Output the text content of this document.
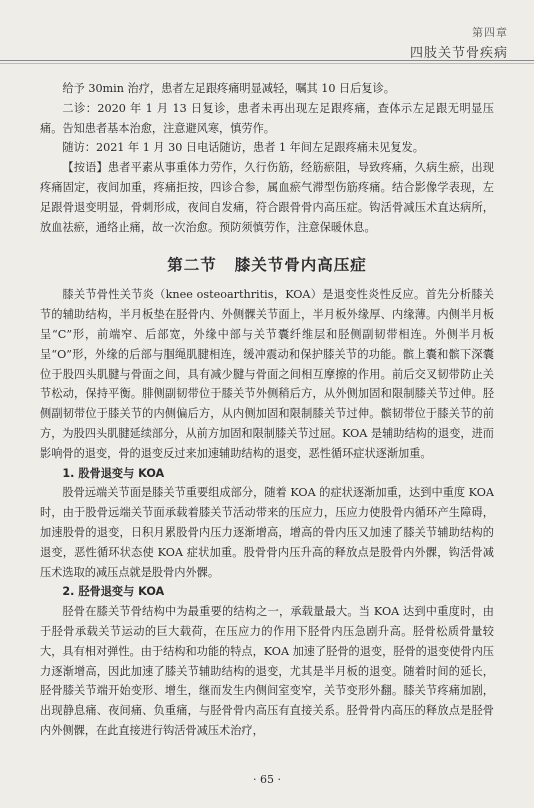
第四章
四肢关节骨疾病

给予 30min 治疗，患者左足跟疼痛明显减轻，嘱其 10 日后复诊。

二诊：2020 年 1 月 13 日复诊，患者未再出现左足跟疼痛，查体示左足跟无明显压痛。告知患者基本治愈，注意避风寒，慎劳作。

随访：2021 年 1 月 30 日电话随访，患者 1 年间左足跟疼痛未见复发。

【按语】患者平素从事重体力劳作，久行伤筋，经筋瘀阻，导致疼痛，久病生瘀，出现疼痛固定，夜间加重，疼痛拒按，四诊合参，属血瘀气滞型伤筋疼痛。结合影像学表现，左足跟骨退变明显，骨刺形成，夜间自发痛，符合跟骨骨内高压症。钩活骨减压术直达病所，放血祛瘀，通络止痛，故一次治愈。预防须慎劳作，注意保暖休息。

第二节 膝关节骨内高压症

膝关节骨性关节炎（knee osteoarthritis，KOA）是退变性炎性反应。首先分析膝关节的辅助结构，半月板垫在胫骨内、外侧髁关节面上，半月板外缘厚、内缘薄。内侧半月板呈“C”形，前端窄、后部宽，外缘中部与关节囊纤维层和胫侧副韧带相连。外侧半月板呈“O”形，外缘的后部与腘绳肌腱相连，缓冲震动和保护膝关节的功能。髌上囊和髌下深囊位于股四头肌腱与骨面之间，具有减少腱与骨面之间相互摩擦的作用。前后交叉韧带防止关节松动，保持平衡。腓侧副韧带位于膝关节外侧稍后方，从外侧加固和限制膝关节过伸。胫侧副韧带位于膝关节的内侧偏后方，从内侧加固和限制膝关节过伸。髌韧带位于膝关节的前方，为股四头肌腱延续部分，从前方加固和限制膝关节过屈。KOA 是辅助结构的退变，进而影响骨的退变，骨的退变反过来加速辅助结构的退变，恶性循环症状逐渐加重。

1. 股骨退变与 KOA

股骨远端关节面是膝关节重要组成部分，随着 KOA 的症状逐渐加重，达到中重度 KOA 时，由于股骨远端关节面承载着膝关节活动带来的压应力，压应力使股骨内循环产生障碍，加速股骨的退变，日积月累股骨内压力逐渐增高，增高的骨内压又加速了膝关节辅助结构的退变，恶性循环状态使 KOA 症状加重。股骨骨内压升高的释放点是股骨内外髁，钩活骨减压术选取的减压点就是股骨内外髁。

2. 胫骨退变与 KOA

胫骨在膝关节骨结构中为最重要的结构之一，承载量最大。当 KOA 达到中重度时，由于胫骨承载关节运动的巨大载荷，在压应力的作用下胫骨内压急剧升高。胫骨松质骨量较大，具有相对弹性。由于结构和功能的特点，KOA 加速了胫骨的退变，胫骨的退变使骨内压力逐渐增高，因此加速了膝关节辅助结构的退变，尤其是半月板的退变。随着时间的延长，胫骨膝关节端开始变形、增生，继而发生内侧间室变窄，关节变形外翻。膝关节疼痛加剧，出现静息痛、夜间痛、负重痛，与胫骨骨内高压有直接关系。胫骨骨内高压的释放点是胫骨内外侧髁，在此直接进行钩活骨减压术治疗，

· 65 ·
